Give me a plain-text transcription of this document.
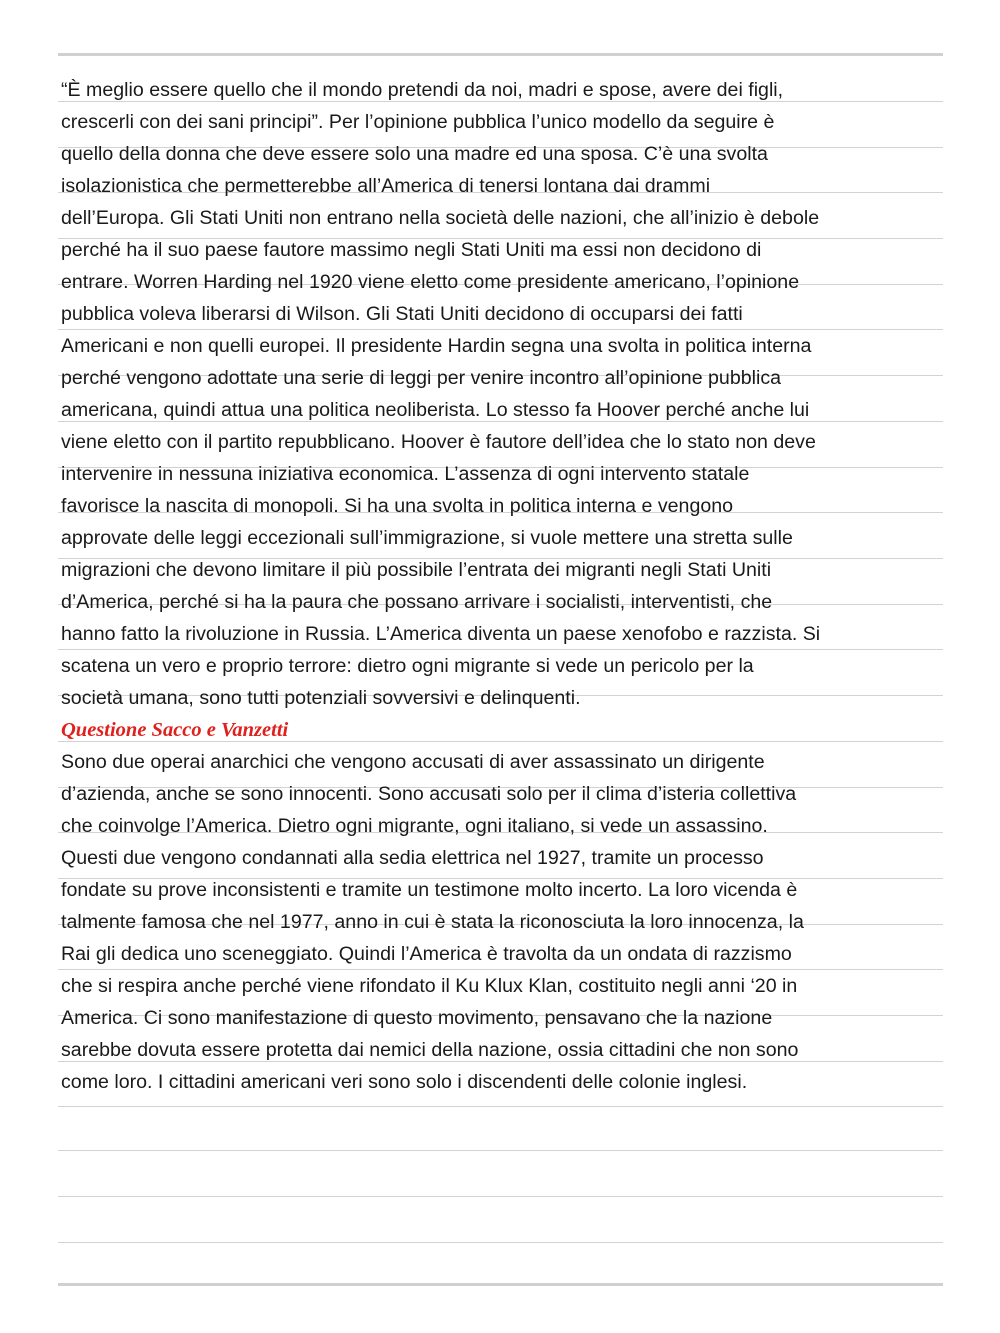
“È meglio essere quello che il mondo pretendi da noi, madri e spose, avere dei figli,
crescerli con dei sani principi”. Per l’opinione pubblica l’unico modello da seguire è
quello della donna che deve essere solo una madre ed una sposa. C’è una svolta
isolazionistica che permetterebbe all’America di tenersi lontana dai drammi
dell’Europa. Gli Stati Uniti non entrano nella società delle nazioni, che all’inizio è debole
perché ha il suo paese fautore massimo negli Stati Uniti ma essi non decidono di
entrare. Worren Harding nel 1920 viene eletto come presidente americano, l’opinione
pubblica voleva liberarsi di Wilson. Gli Stati Uniti decidono di occuparsi dei fatti
Americani e non quelli europei. Il presidente Hardin segna una svolta in politica interna
perché vengono adottate una serie di leggi per venire incontro all’opinione pubblica
americana, quindi attua una politica neoliberista. Lo stesso fa Hoover perché anche lui
viene eletto con il partito repubblicano. Hoover è fautore dell’idea che lo stato non deve
intervenire in nessuna iniziativa economica. L’assenza di ogni intervento statale
favorisce la nascita di monopoli. Si ha una svolta in politica interna e vengono
approvate delle leggi eccezionali sull’immigrazione, si vuole mettere una stretta sulle
migrazioni che devono limitare il più possibile l’entrata dei migranti negli Stati Uniti
d’America, perché si ha la paura che possano arrivare i socialisti, interventisti, che
hanno fatto la rivoluzione in Russia. L’America diventa un paese xenofobo e razzista. Si
scatena un vero e proprio terrore: dietro ogni migrante si vede un pericolo per la
società umana, sono tutti potenziali sovversivi e delinquenti.
Questione Sacco e Vanzetti
Sono due operai anarchici che vengono accusati di aver assassinato un dirigente
d’azienda, anche se sono innocenti. Sono accusati solo per il clima d’isteria collettiva
che coinvolge l’America. Dietro ogni migrante, ogni italiano, si vede un assassino.
Questi due vengono condannati alla sedia elettrica nel 1927, tramite un processo
fondate su prove inconsistenti e tramite un testimone molto incerto. La loro vicenda è
talmente famosa che nel 1977, anno in cui è stata la riconosciuta la loro innocenza, la
Rai gli dedica uno sceneggiato. Quindi l’America è travolta da un ondata di razzismo
che si respira anche perché viene rifondato il Ku Klux Klan, costituito negli anni ‘20 in
America. Ci sono manifestazione di questo movimento, pensavano che la nazione
sarebbe dovuta essere protetta dai nemici della nazione, ossia cittadini che non sono
come loro. I cittadini americani veri sono solo i discendenti delle colonie inglesi.
